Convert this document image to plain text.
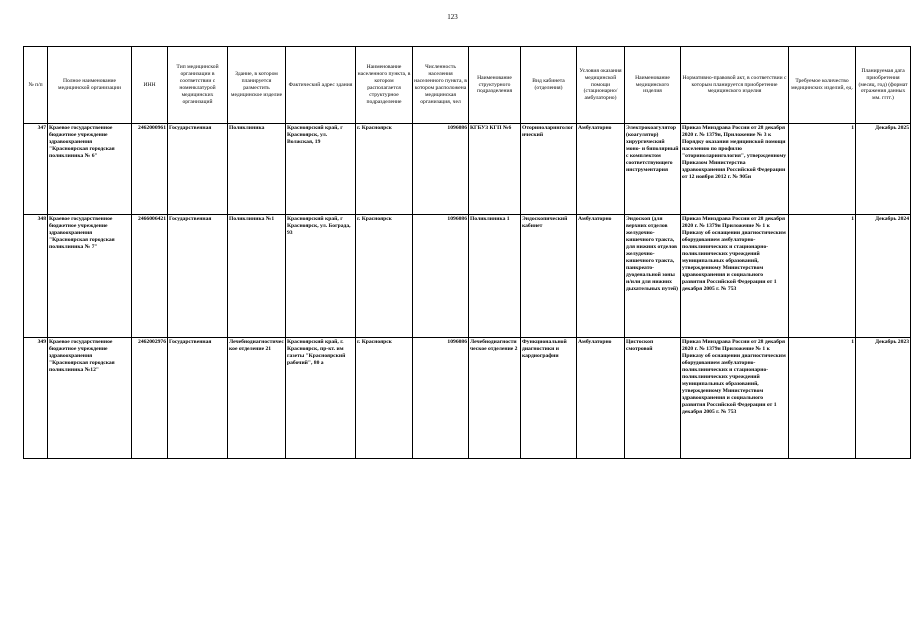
123
№ п/п	Полное наименование медицинской организации	ИНН	Тип медицинской организации в соответствии с номенклатурой медицинских организаций	Здание, в котором планируется разместить медицинское изделие	Фактический адрес здания	Наименование населенного пункта, в котором располагается структурное подразделение	Численность населения населенного пункта, в котором расположена медицинская организация, чел	Наименование структурного подразделения	Вид кабинета (отделения)	Условия оказания медицинской помощи (стационарно/ амбулаторно)	Наименование медицинского изделия	Нормативно-правовой акт, в соответствии с которым планируется приобретение медицинского изделия	Требуемое количество медицинских изделий, ед.	Планируемая дата приобретения (месяц, год) (формат отражения данных мм. гггг.)
347	Краевое государственное бюджетное учреждение здравоохранения "Красноярская городская поликлиника № 6"	2462000961	Государственная	Поликлиника	Красноярский край, г Красноярск, ул. Волжская, 19	г. Красноярск	1096086	КГБУЗ КГП №6	Оториноларингологический	Амбулаторно	Электрокоагулятор (коагулятор) хирургический моно- и биполярный с комплектом соответствующего инструментария	Приказ Минздрава России от 28 декабря 2020 г. № 1379н, Приложение № 3 к Порядку оказания медицинской помощи населению по профилю "оториноларингология", утвержденному Приказом Министерства здравоохранения Российской Федерации от 12 ноября 2012 г. № 905н	1	Декабрь 2025
348	Краевое государственное бюджетное учреждение здравоохранения "Красноярская городская поликлиника № 7"	2466006421	Государственная	Поликлиника №1	Красноярский край, г Красноярск, ул. Бограда, 93	г. Красноярск	1096086	Поликлиника 1	Эндоскопический кабинет	Амбулаторно	Эндоскоп (для верхних отделов желудочно-кишечного тракта, для нижних отделов желудочно-кишечного тракта, панкреато-дуоденальной зоны и/или для нижних дыхательных путей)	Приказ Минздрава России от 28 декабря 2020 г. № 1379н Приложение № 1 к Приказу об оснащении диагностическим оборудованием амбулаторно-поликлинических и стационарно-поликлинических учреждений муниципальных образований, утвержденному Министерством здравоохранения и социального развития Российской Федерации от 1 декабря 2005 г. № 753	1	Декабрь 2024
349	Краевое государственное бюджетное учреждение здравоохранения "Красноярская городская поликлиника №12"	2462002976	Государственная	Лечебнодиагностическое отделение 21	Красноярский край, г. Красноярск, пр-кт. им газеты "Красноярский рабочий", 80 а	г. Красноярск	1096086	Лечебнодиагностическое отделение 2	Функциональной диагностики и кардиографии	Амбулаторно	Цистоскоп смотровой	Приказ Минздрава России от 28 декабря 2020 г. № 1379н Приложение № 1 к Приказу об оснащении диагностическим оборудованием амбулаторно-поликлинических и стационарно-поликлинических учреждений муниципальных образований, утвержденному Министерством здравоохранения и социального развития Российской Федерации от 1 декабря 2005 г. № 753	1	Декабрь 2023
